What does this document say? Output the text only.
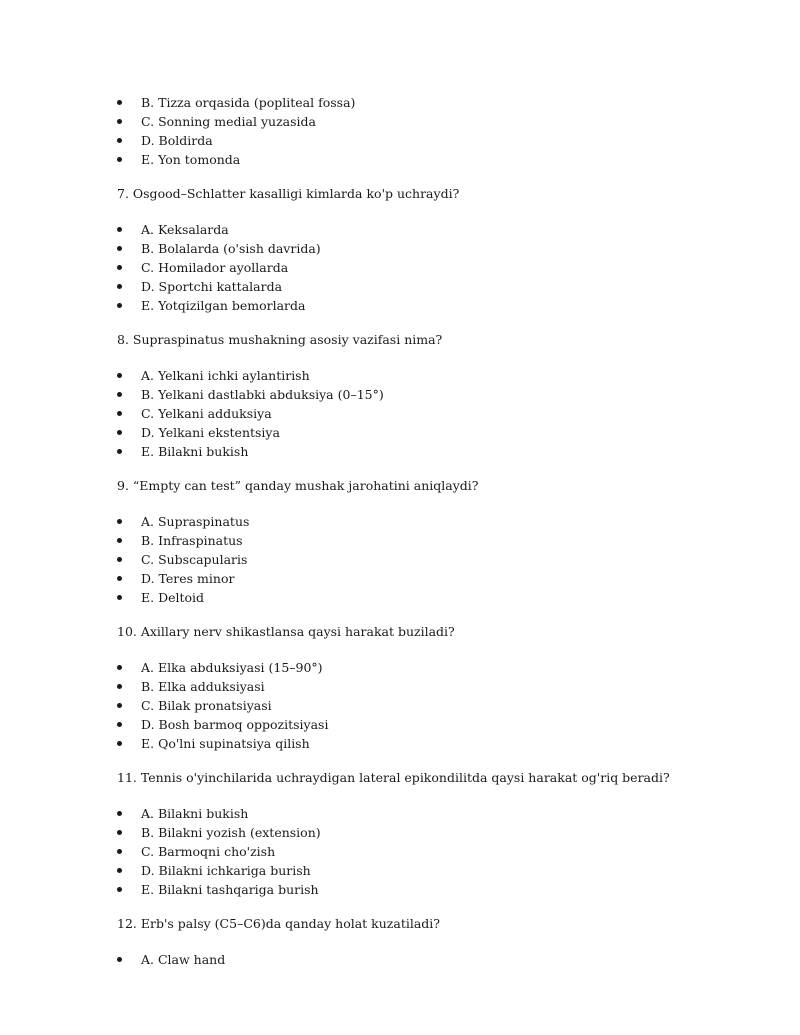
B. Tizza orqasida (popliteal fossa)
C. Sonning medial yuzasida
D. Boldirda
E. Yon tomonda
7. Osgood–Schlatter kasalligi kimlarda ko'p uchraydi?
A. Keksalarda
B. Bolalarda (o'sish davrida)
C. Homilador ayollarda
D. Sportchi kattalarda
E. Yotqizilgan bemorlarda
8. Supraspinatus mushakning asosiy vazifasi nima?
A. Yelkani ichki aylantirish
B. Yelkani dastlabki abduksiya (0–15°)
C. Yelkani adduksiya
D. Yelkani ekstentsiya
E. Bilakni bukish
9. “Empty can test” qanday mushak jarohatini aniqlaydi?
A. Supraspinatus
B. Infraspinatus
C. Subscapularis
D. Teres minor
E. Deltoid
10. Axillary nerv shikastlansa qaysi harakat buziladi?
A. Elka abduksiyasi (15–90°)
B. Elka adduksiyasi
C. Bilak pronatsiyasi
D. Bosh barmoq oppozitsiyasi
E. Qo'lni supinatsiya qilish
11. Tennis o'yinchilarida uchraydigan lateral epikondilitda qaysi harakat og'riq beradi?
A. Bilakni bukish
B. Bilakni yozish (extension)
C. Barmoqni cho'zish
D. Bilakni ichkariga burish
E. Bilakni tashqariga burish
12. Erb's palsy (C5–C6)da qanday holat kuzatiladi?
A. Claw hand
